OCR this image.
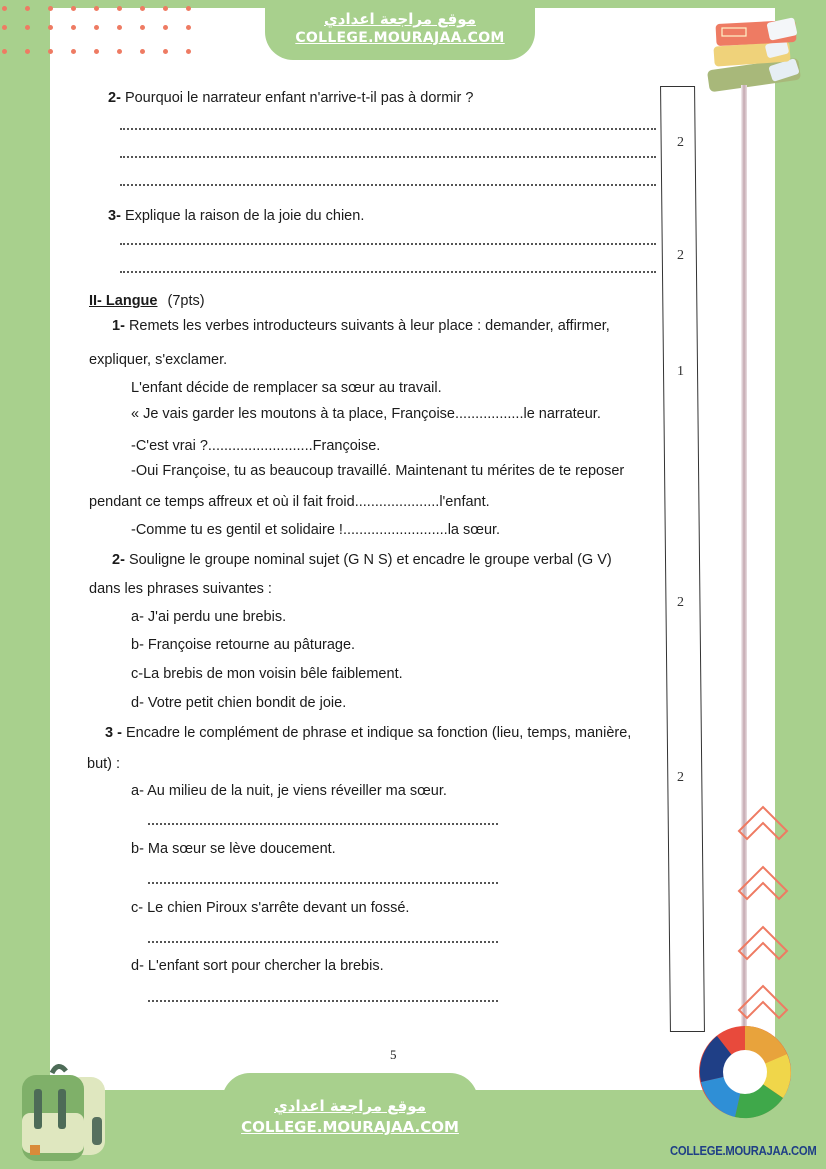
موقع مراجعة اعدادي
COLLEGE.MOURAJAA.COM
2
2
1
2
2
2- Pourquoi le narrateur enfant n'arrive-t-il pas à dormir ?
3- Explique la raison de la joie du chien.
II- Langue (7pts)
1- Remets les verbes introducteurs suivants à leur place : demander, affirmer,
expliquer, s'exclamer.
L'enfant décide de remplacer sa sœur au travail.
« Je vais garder les moutons à ta place, Françoise.................le narrateur.
-C'est vrai ?..........................Françoise.
-Oui Françoise, tu as beaucoup travaillé. Maintenant tu mérites de te reposer
pendant ce temps affreux et où il fait froid.....................l'enfant.
-Comme tu es gentil et solidaire !..........................la sœur.
2- Souligne le groupe nominal sujet (G N S) et encadre le groupe verbal (G V)
dans les phrases suivantes :
a- J'ai perdu une brebis.
b- Françoise retourne au pâturage.
c-La brebis de mon voisin bêle faiblement.
d- Votre petit chien bondit de joie.
3 - Encadre le complément de phrase et indique sa fonction (lieu, temps, manière,
but) :
a- Au milieu de la nuit, je viens réveiller ma sœur.
b- Ma sœur se lève doucement.
c- Le chien Piroux s'arrête devant un fossé.
d- L'enfant sort pour chercher la brebis.
5
موقع مراجعة اعدادي
COLLEGE.MOURAJAA.COM
COLLEGE.MOURAJAA.COM
